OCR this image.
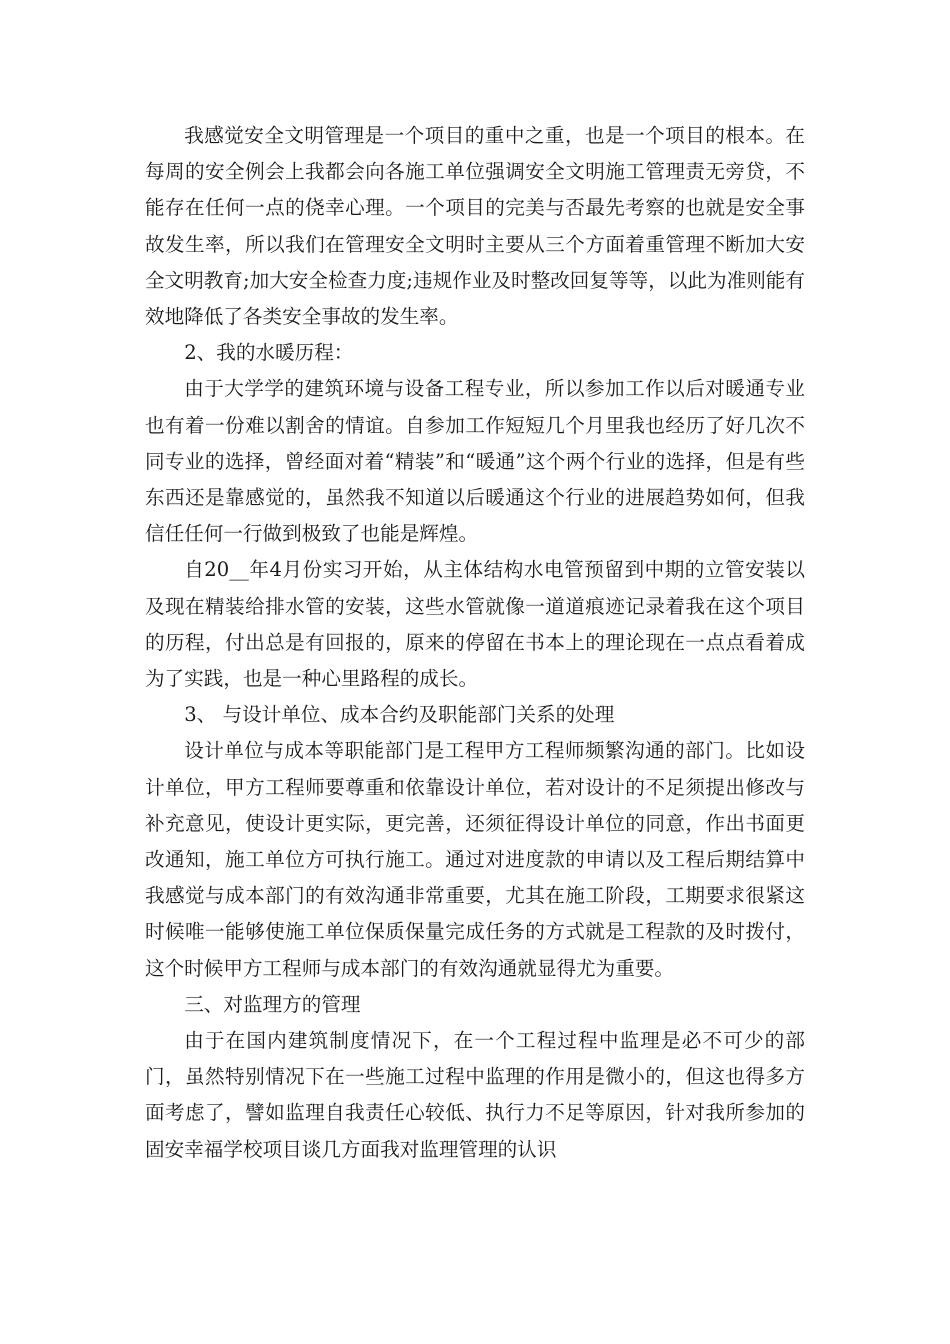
我感觉安全文明管理是一个项目的重中之重，也是一个项目的根本。在每周的安全例会上我都会向各施工单位强调安全文明施工管理责无旁贷，不能存在任何一点的侥幸心理。一个项目的完美与否最先考察的也就是安全事故发生率，所以我们在管理安全文明时主要从三个方面着重管理不断加大安全文明教育;加大安全检查力度;违规作业及时整改回复等等，以此为准则能有效地降低了各类安全事故的发生率。

2、我的水暖历程：

由于大学学的建筑环境与设备工程专业，所以参加工作以后对暖通专业也有着一份难以割舍的情谊。自参加工作短短几个月里我也经历了好几次不同专业的选择，曾经面对着“精装”和“暖通”这个两个行业的选择，但是有些东西还是靠感觉的，虽然我不知道以后暖通这个行业的进展趋势如何，但我信任任何一行做到极致了也能是辉煌。

自20__年4月份实习开始，从主体结构水电管预留到中期的立管安装以及现在精装给排水管的安装，这些水管就像一道道痕迹记录着我在这个项目的历程，付出总是有回报的，原来的停留在书本上的理论现在一点点看着成为了实践，也是一种心里路程的成长。

3、 与设计单位、成本合约及职能部门关系的处理

设计单位与成本等职能部门是工程甲方工程师频繁沟通的部门。比如设计单位，甲方工程师要尊重和依靠设计单位，若对设计的不足须提出修改与补充意见，使设计更实际，更完善，还须征得设计单位的同意，作出书面更改通知，施工单位方可执行施工。通过对进度款的申请以及工程后期结算中我感觉与成本部门的有效沟通非常重要，尤其在施工阶段，工期要求很紧这时候唯一能够使施工单位保质保量完成任务的方式就是工程款的及时拨付，这个时候甲方工程师与成本部门的有效沟通就显得尤为重要。

三、对监理方的管理

由于在国内建筑制度情况下，在一个工程过程中监理是必不可少的部门，虽然特别情况下在一些施工过程中监理的作用是微小的，但这也得多方面考虑了，譬如监理自我责任心较低、执行力不足等原因，针对我所参加的固安幸福学校项目谈几方面我对监理管理的认识
